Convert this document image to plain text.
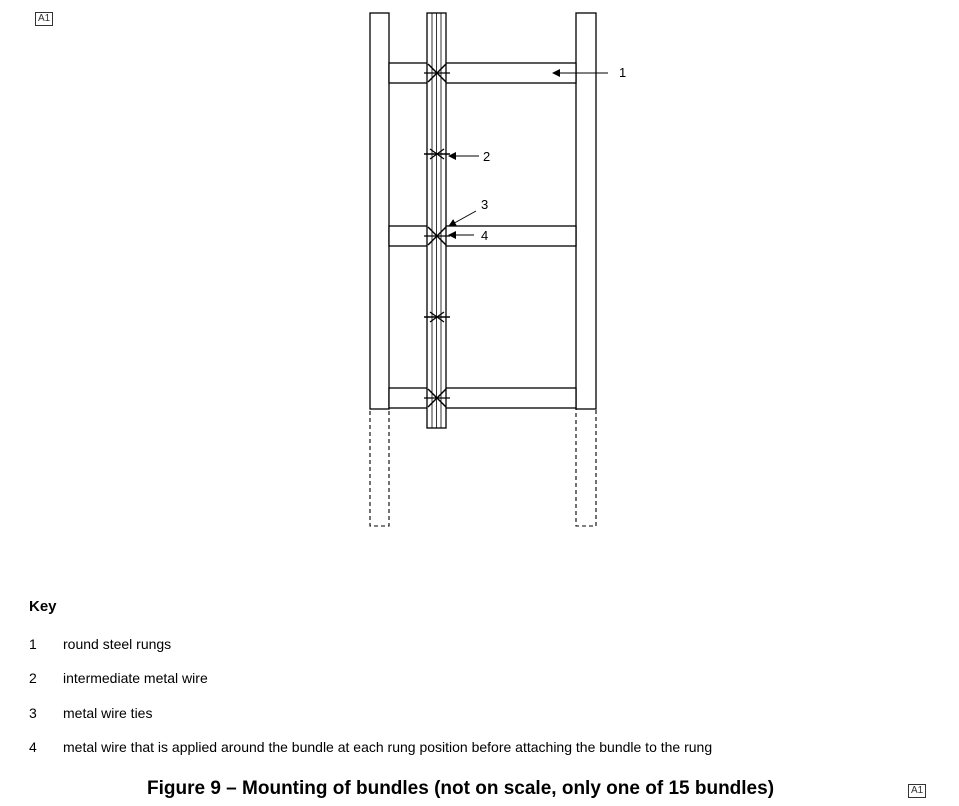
A1
1
2
3
4
Key
1 round steel rungs
2 intermediate metal wire
3 metal wire ties
4 metal wire that is applied around the bundle at each rung position before attaching the bundle to the rung
Figure 9 – Mounting of bundles (not on scale, only one of 15 bundles)	A1
